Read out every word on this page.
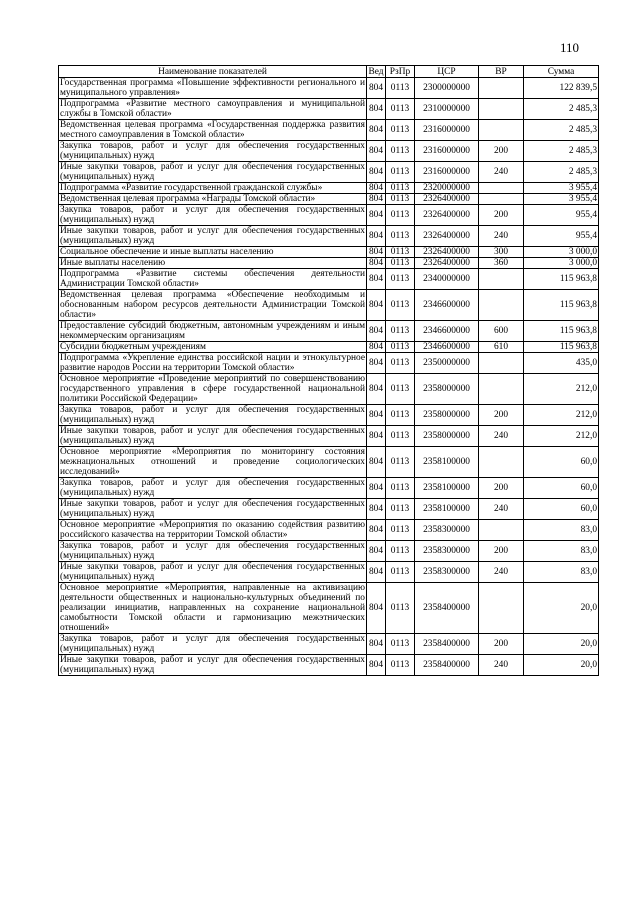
110
Наименование показателей	Вед	РзПр	ЦСР	ВР	Сумма
Государственная программа «Повышение эффективности регионального и муниципального управления»	804	0113	2300000000		122 839,5
Подпрограмма «Развитие местного самоуправления и муниципальной службы в Томской области»	804	0113	2310000000		2 485,3
Ведомственная целевая программа «Государственная поддержка развития местного самоуправления в Томской области»	804	0113	2316000000		2 485,3
Закупка товаров, работ и услуг для обеспечения государственных (муниципальных) нужд	804	0113	2316000000	200	2 485,3
Иные закупки товаров, работ и услуг для обеспечения государственных (муниципальных) нужд	804	0113	2316000000	240	2 485,3
Подпрограмма «Развитие государственной гражданской службы»	804	0113	2320000000		3 955,4
Ведомственная целевая программа «Награды Томской области»	804	0113	2326400000		3 955,4
Закупка товаров, работ и услуг для обеспечения государственных (муниципальных) нужд	804	0113	2326400000	200	955,4
Иные закупки товаров, работ и услуг для обеспечения государственных (муниципальных) нужд	804	0113	2326400000	240	955,4
Социальное обеспечение и иные выплаты населению	804	0113	2326400000	300	3 000,0
Иные выплаты населению	804	0113	2326400000	360	3 000,0
Подпрограмма «Развитие системы обеспечения деятельности Администрации Томской области»	804	0113	2340000000		115 963,8
Ведомственная целевая программа «Обеспечение необходимым и обоснованным набором ресурсов деятельности Администрации Томской области»	804	0113	2346600000		115 963,8
Предоставление субсидий бюджетным, автономным учреждениям и иным некоммерческим организациям	804	0113	2346600000	600	115 963,8
Субсидии бюджетным учреждениям	804	0113	2346600000	610	115 963,8
Подпрограмма «Укрепление единства российской нации и этнокультурное развитие народов России на территории Томской области»	804	0113	2350000000		435,0
Основное мероприятие «Проведение мероприятий по совершенствованию государственного управления в сфере государственной национальной политики Российской Федерации»	804	0113	2358000000		212,0
Закупка товаров, работ и услуг для обеспечения государственных (муниципальных) нужд	804	0113	2358000000	200	212,0
Иные закупки товаров, работ и услуг для обеспечения государственных (муниципальных) нужд	804	0113	2358000000	240	212,0
Основное мероприятие «Мероприятия по мониторингу состояния межнациональных отношений и проведение социологических исследований»	804	0113	2358100000		60,0
Закупка товаров, работ и услуг для обеспечения государственных (муниципальных) нужд	804	0113	2358100000	200	60,0
Иные закупки товаров, работ и услуг для обеспечения государственных (муниципальных) нужд	804	0113	2358100000	240	60,0
Основное мероприятие «Мероприятия по оказанию содействия развитию российского казачества на территории Томской области»	804	0113	2358300000		83,0
Закупка товаров, работ и услуг для обеспечения государственных (муниципальных) нужд	804	0113	2358300000	200	83,0
Иные закупки товаров, работ и услуг для обеспечения государственных (муниципальных) нужд	804	0113	2358300000	240	83,0
Основное мероприятие «Мероприятия, направленные на активизацию деятельности общественных и национально-культурных объединений по реализации инициатив, направленных на сохранение национальной самобытности Томской области и гармонизацию межэтнических отношений»	804	0113	2358400000		20,0
Закупка товаров, работ и услуг для обеспечения государственных (муниципальных) нужд	804	0113	2358400000	200	20,0
Иные закупки товаров, работ и услуг для обеспечения государственных (муниципальных) нужд	804	0113	2358400000	240	20,0
